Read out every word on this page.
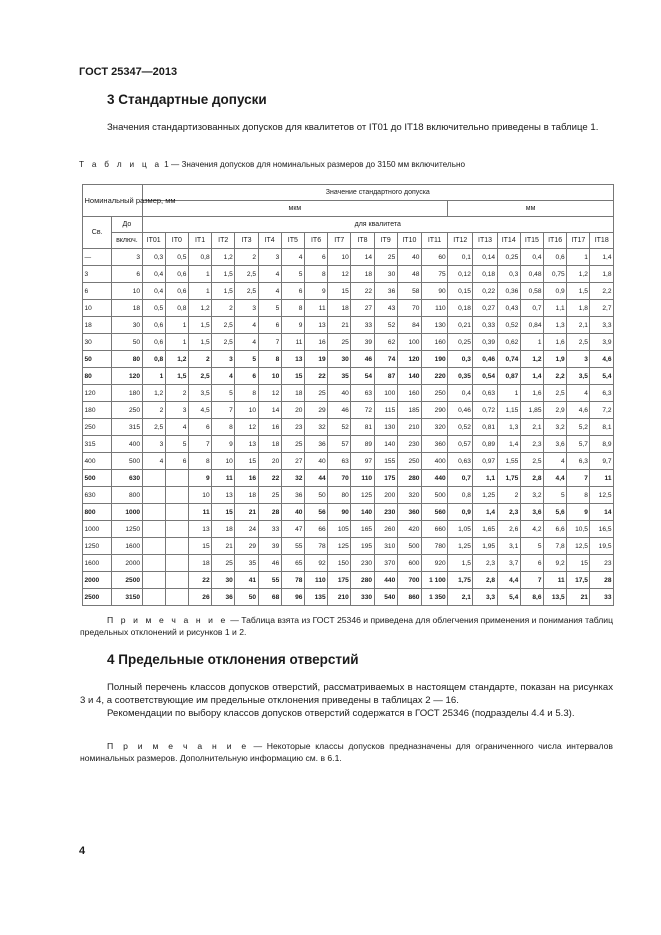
ГОСТ 25347—2013
3 Стандартные допуски
Значения стандартизованных допусков для квалитетов от IT01 до IT18 включительно приведены в таблице 1.
Т а б л и ц а 1 — Значения допусков для номинальных размеров до 3150 мм включительно
Номинальный размер, мм		Значение стандартного допуска																			
		мкм													мм						
Св.	До	для квалитета																			
	включ.	IT01	IT0	IT1	IT2	IT3	IT4	IT5	IT6	IT7	IT8	IT9	IT10	IT11	IT12	IT13	IT14	IT15	IT16	IT17	IT18
—	3	0,3	0,5	0,8	1,2	2	3	4	6	10	14	25	40	60	0,1	0,14	0,25	0,4	0,6	1	1,4
3	6	0,4	0,6	1	1,5	2,5	4	5	8	12	18	30	48	75	0,12	0,18	0,3	0,48	0,75	1,2	1,8
6	10	0,4	0,6	1	1,5	2,5	4	6	9	15	22	36	58	90	0,15	0,22	0,36	0,58	0,9	1,5	2,2
10	18	0,5	0,8	1,2	2	3	5	8	11	18	27	43	70	110	0,18	0,27	0,43	0,7	1,1	1,8	2,7
18	30	0,6	1	1,5	2,5	4	6	9	13	21	33	52	84	130	0,21	0,33	0,52	0,84	1,3	2,1	3,3
30	50	0,6	1	1,5	2,5	4	7	11	16	25	39	62	100	160	0,25	0,39	0,62	1	1,6	2,5	3,9
50	80	0,8	1,2	2	3	5	8	13	19	30	46	74	120	190	0,3	0,46	0,74	1,2	1,9	3	4,6
80	120	1	1,5	2,5	4	6	10	15	22	35	54	87	140	220	0,35	0,54	0,87	1,4	2,2	3,5	5,4
120	180	1,2	2	3,5	5	8	12	18	25	40	63	100	160	250	0,4	0,63	1	1,6	2,5	4	6,3
180	250	2	3	4,5	7	10	14	20	29	46	72	115	185	290	0,46	0,72	1,15	1,85	2,9	4,6	7,2
250	315	2,5	4	6	8	12	16	23	32	52	81	130	210	320	0,52	0,81	1,3	2,1	3,2	5,2	8,1
315	400	3	5	7	9	13	18	25	36	57	89	140	230	360	0,57	0,89	1,4	2,3	3,6	5,7	8,9
400	500	4	6	8	10	15	20	27	40	63	97	155	250	400	0,63	0,97	1,55	2,5	4	6,3	9,7
500	630			9	11	16	22	32	44	70	110	175	280	440	0,7	1,1	1,75	2,8	4,4	7	11
630	800			10	13	18	25	36	50	80	125	200	320	500	0,8	1,25	2	3,2	5	8	12,5
800	1000			11	15	21	28	40	56	90	140	230	360	560	0,9	1,4	2,3	3,6	5,6	9	14
1000	1250			13	18	24	33	47	66	105	165	260	420	660	1,05	1,65	2,6	4,2	6,6	10,5	16,5
1250	1600			15	21	29	39	55	78	125	195	310	500	780	1,25	1,95	3,1	5	7,8	12,5	19,5
1600	2000			18	25	35	46	65	92	150	230	370	600	920	1,5	2,3	3,7	6	9,2	15	23
2000	2500			22	30	41	55	78	110	175	280	440	700	1 100	1,75	2,8	4,4	7	11	17,5	28
2500	3150			26	36	50	68	96	135	210	330	540	860	1 350	2,1	3,3	5,4	8,6	13,5	21	33
П р и м е ч а н и е — Таблица взята из ГОСТ 25346 и приведена для облегчения применения и понимания таблиц предельных отклонений и рисунков 1 и 2.
4 Предельные отклонения отверстий
Полный перечень классов допусков отверстий, рассматриваемых в настоящем стандарте, показан на рисунках 3 и 4, а соответствующие им предельные отклонения приведены в таблицах 2 — 16.
Рекомендации по выбору классов допусков отверстий содержатся в ГОСТ 25346 (подразделы 4.4 и 5.3).
П р и м е ч а н и е — Некоторые классы допусков предназначены для ограниченного числа интервалов номинальных размеров. Дополнительную информацию см. в 6.1.
4
